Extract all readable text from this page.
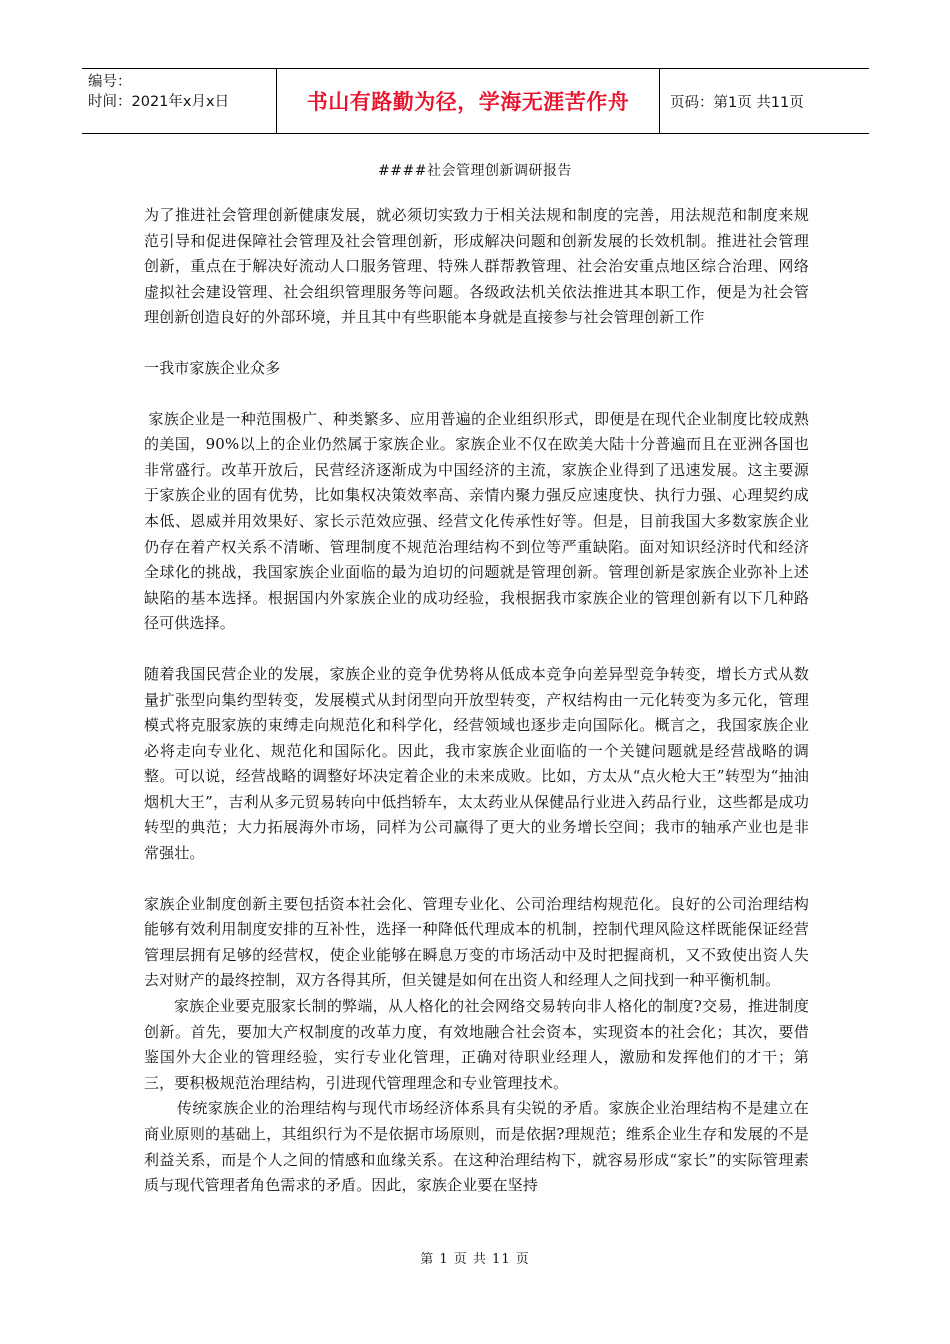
编号：
时间：2021年x月x日	书山有路勤为径，学海无涯苦作舟	页码：第1页 共11页
####社会管理创新调研报告

为了推进社会管理创新健康发展，就必须切实致力于相关法规和制度的完善，用法规范和制度来规范引导和促进保障社会管理及社会管理创新，形成解决问题和创新发展的长效机制。推进社会管理创新，重点在于解决好流动人口服务管理、特殊人群帮教管理、社会治安重点地区综合治理、网络虚拟社会建设管理、社会组织管理服务等问题。各级政法机关依法推进其本职工作，便是为社会管理创新创造良好的外部环境，并且其中有些职能本身就是直接参与社会管理创新工作

一我市家族企业众多

家族企业是一种范围极广、种类繁多、应用普遍的企业组织形式，即便是在现代企业制度比较成熟的美国，90%以上的企业仍然属于家族企业。家族企业不仅在欧美大陆十分普遍而且在亚洲各国也非常盛行。改革开放后，民营经济逐渐成为中国经济的主流，家族企业得到了迅速发展。这主要源于家族企业的固有优势，比如集权决策效率高、亲情内聚力强反应速度快、执行力强、心理契约成本低、恩威并用效果好、家长示范效应强、经营文化传承性好等。但是，目前我国大多数家族企业仍存在着产权关系不清晰、管理制度不规范治理结构不到位等严重缺陷。面对知识经济时代和经济全球化的挑战，我国家族企业面临的最为迫切的问题就是管理创新。管理创新是家族企业弥补上述缺陷的基本选择。根据国内外家族企业的成功经验，我根据我市家族企业的管理创新有以下几种路径可供选择。

随着我国民营企业的发展，家族企业的竞争优势将从低成本竞争向差异型竞争转变，增长方式从数量扩张型向集约型转变，发展模式从封闭型向开放型转变，产权结构由一元化转变为多元化，管理模式将克服家族的束缚走向规范化和科学化，经营领域也逐步走向国际化。概言之，我国家族企业必将走向专业化、规范化和国际化。因此，我市家族企业面临的一个关键问题就是经营战略的调整。可以说，经营战略的调整好坏决定着企业的未来成败。比如，方太从“点火枪大王”转型为“抽油烟机大王”，吉利从多元贸易转向中低挡轿车，太太药业从保健品行业进入药品行业，这些都是成功转型的典范；大力拓展海外市场，同样为公司赢得了更大的业务增长空间；我市的轴承产业也是非常强壮。

家族企业制度创新主要包括资本社会化、管理专业化、公司治理结构规范化。良好的公司治理结构能够有效利用制度安排的互补性，选择一种降低代理成本的机制，控制代理风险这样既能保证经营管理层拥有足够的经营权，使企业能够在瞬息万变的市场活动中及时把握商机，又不致使出资人失去对财产的最终控制，双方各得其所，但关键是如何在出资人和经理人之间找到一种平衡机制。

家族企业要克服家长制的弊端，从人格化的社会网络交易转向非人格化的制度?交易，推进制度创新。首先，要加大产权制度的改革力度，有效地融合社会资本，实现资本的社会化；其次，要借鉴国外大企业的管理经验，实行专业化管理，正确对待职业经理人，激励和发挥他们的才干；第三，要积极规范治理结构，引进现代管理理念和专业管理技术。

传统家族企业的治理结构与现代市场经济体系具有尖锐的矛盾。家族企业治理结构不是建立在商业原则的基础上，其组织行为不是依据市场原则，而是依据?理规范；维系企业生存和发展的不是利益关系，而是个人之间的情感和血缘关系。在这种治理结构下，就容易形成“家长”的实际管理素质与现代管理者角色需求的矛盾。因此，家族企业要在坚持

第 1 页 共 11 页
